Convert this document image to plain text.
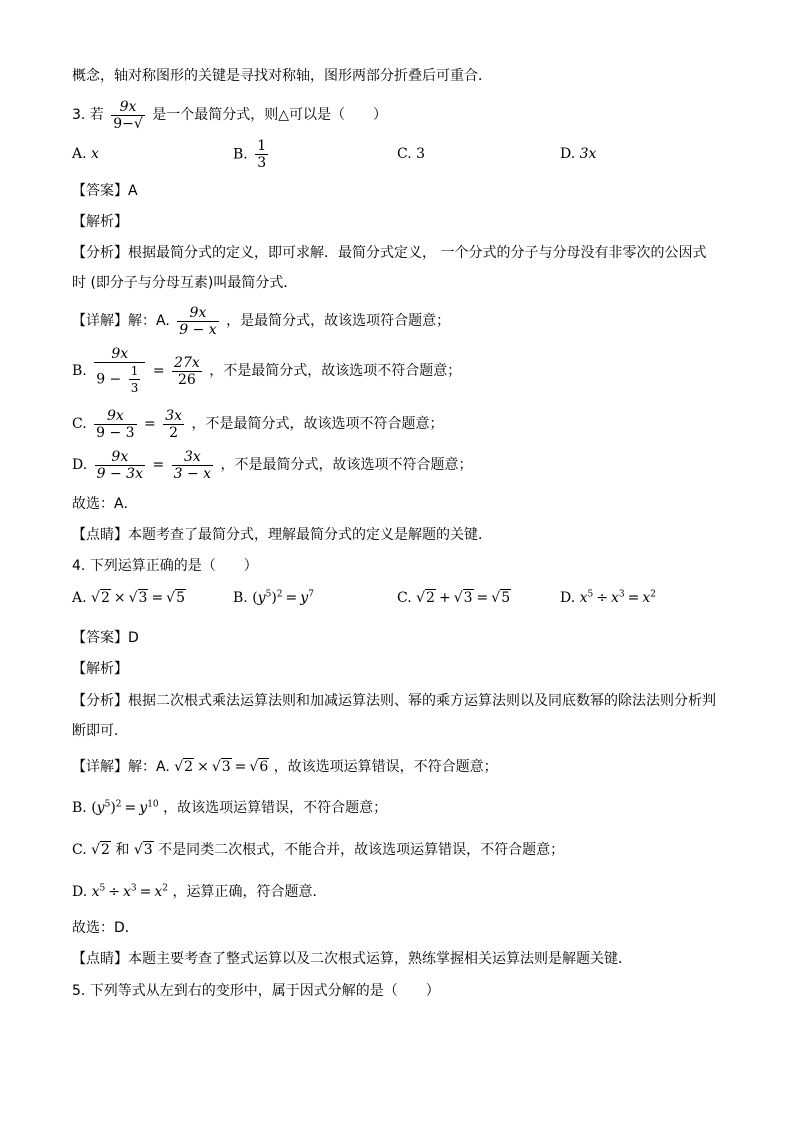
概念，轴对称图形的关键是寻找对称轴，图形两部分折叠后可重合．
3. 若 $\frac{9x}{9-√}$ 是一个最简分式，则△可以是（　　）
A. x	B. $\frac{1}{3}$	C. 3	D. 3x
【答案】A
【解析】
【分析】根据最简分式的定义，即可求解．最简分式定义， 一个分式的分子与分母没有非零次的公因式
时 (即分子与分母互素)叫最简分式．
【详解】解：A. $\frac{9x}{9 - x}$ ，是最简分式，故该选项符合题意；
B. $\frac{9x}{9 - \frac{1}{3}} = \frac{27x}{26}$ ，不是最简分式，故该选项不符合题意；
C. $\frac{9x}{9 - 3} = \frac{3x}{2}$ ，不是最简分式，故该选项不符合题意；
D. $\frac{9x}{9 - 3x} = \frac{3x}{3 - x}$ ，不是最简分式，故该选项不符合题意；
故选：A．
【点睛】本题考查了最简分式，理解最简分式的定义是解题的关键．
4. 下列运算正确的是（　　）
A. √2 × √3 = √5	B. $(y^5)^2 = y^7$	C. √2 + √3 = √5	D. $x^5 \div x^3 = x^2$
【答案】D
【解析】
【分析】根据二次根式乘法运算法则和加减运算法则、幂的乘方运算法则以及同底数幂的除法法则分析判
断即可．
【详解】解：A. √2 × √3 = √6 ，故该选项运算错误，不符合题意；
B. $(y^5)^2 = y^{10}$ ，故该选项运算错误，不符合题意；
C. √2 和 √3 不是同类二次根式，不能合并，故该选项运算错误，不符合题意；
D. $x^5 \div x^3 = x^2$ ，运算正确，符合题意．
故选：D．
【点睛】本题主要考查了整式运算以及二次根式运算，熟练掌握相关运算法则是解题关键．
5. 下列等式从左到右的变形中，属于因式分解的是（　　）
